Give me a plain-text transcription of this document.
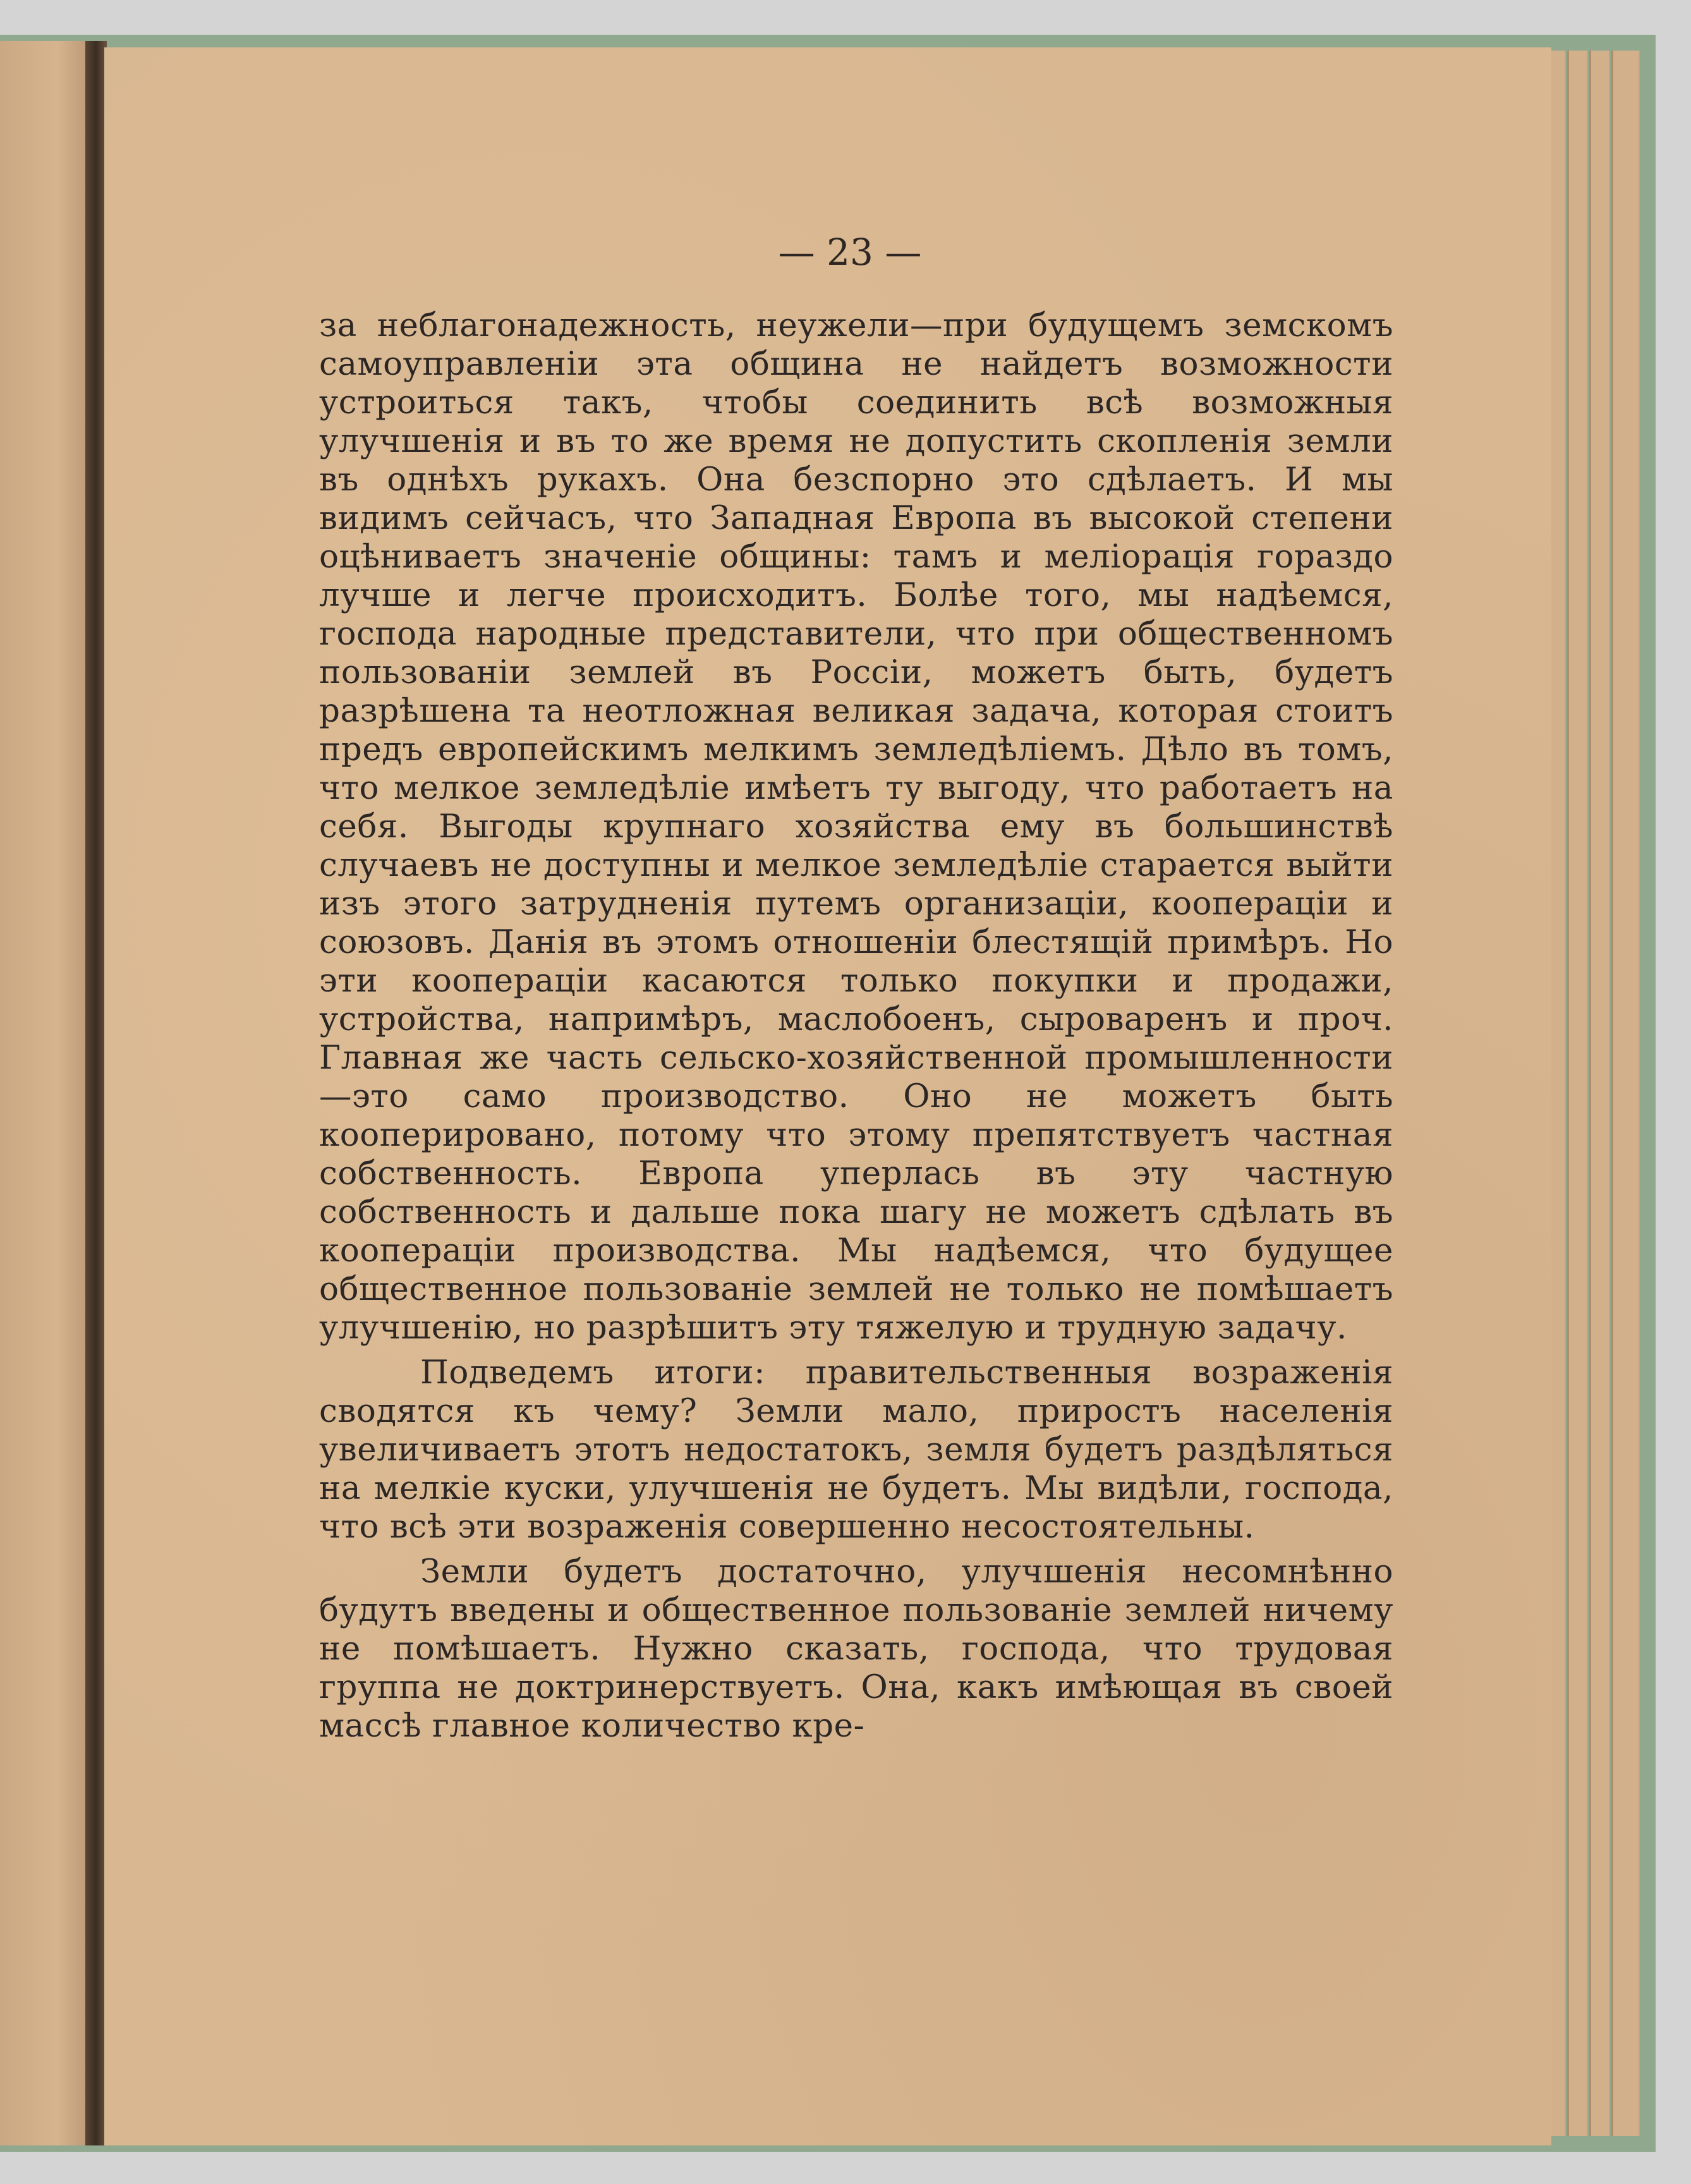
— 23 —

за неблагонадежность, неужели—при будущемъ земскомъ самоуправленіи эта община не найдетъ возможности устроиться такъ, чтобы соединить всѣ возможныя улучшенія и въ то же время не допустить скопленія земли въ однѣхъ рукахъ. Она безспорно это сдѣлаетъ. И мы видимъ сейчасъ, что Западная Европа въ высокой степени оцѣниваетъ значеніе общины: тамъ и меліорація гораздо лучше и легче происходитъ. Болѣе того, мы надѣемся, господа народные представители, что при общественномъ пользованіи землей въ Россіи, можетъ быть, будетъ разрѣшена та неотложная великая задача, которая стоитъ предъ европейскимъ мелкимъ земледѣліемъ. Дѣло въ томъ, что мелкое земледѣліе имѣетъ ту выгоду, что работаетъ на себя. Выгоды крупнаго хозяйства ему въ большинствѣ случаевъ не доступны и мелкое земледѣліе старается выйти изъ этого затрудненія путемъ организаціи, коопераціи и союзовъ. Данія въ этомъ отношеніи блестящій примѣръ. Но эти коопераціи касаются только покупки и продажи, устройства, напримѣръ, маслобоенъ, сыроваренъ и проч. Главная же часть сельско-хозяйственной промышленности—это само производство. Оно не можетъ быть кооперировано, потому что этому препятствуетъ частная собственность. Европа уперлась въ эту частную собственность и дальше пока шагу не можетъ сдѣлать въ коопераціи производства. Мы надѣемся, что будущее общественное пользованіе землей не только не помѣшаетъ улучшенію, но разрѣшитъ эту тяжелую и трудную задачу.

Подведемъ итоги: правительственныя возраженія сводятся къ чему? Земли мало, приростъ населенія увеличиваетъ этотъ недостатокъ, земля будетъ раздѣляться на мелкіе куски, улучшенія не будетъ. Мы видѣли, господа, что всѣ эти возраженія совершенно несостоятельны.

Земли будетъ достаточно, улучшенія несомнѣнно будутъ введены и общественное пользованіе землей ничему не помѣшаетъ. Нужно сказать, господа, что трудовая группа не доктринерствуетъ. Она, какъ имѣющая въ своей массѣ главное количество кре-
